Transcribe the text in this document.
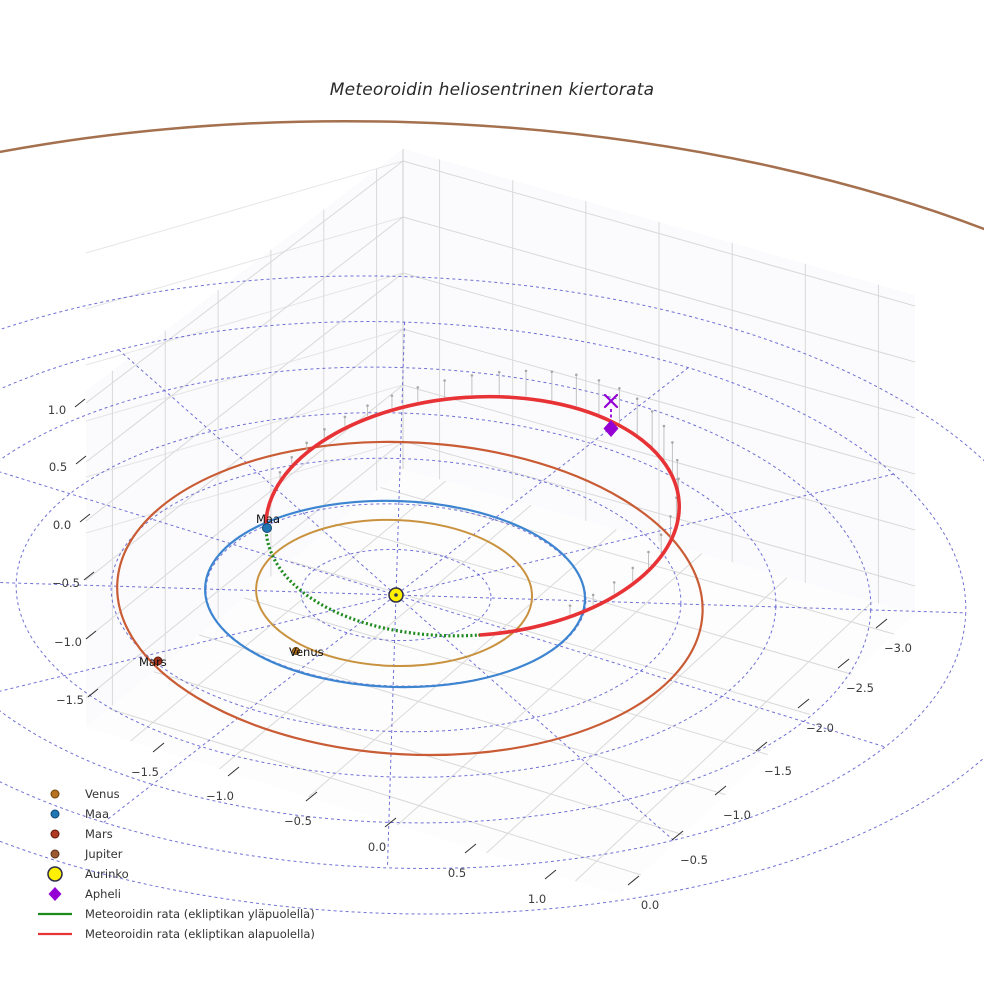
Meteoroidin heliosentrinen kiertorata
Maa
Venus
Mars
1.0
0.5
0.0
−0.5
−1.0
−1.5
−1.5
−1.0
−0.5
0.0
0.5
1.0	0.0
−0.5
−1.0
−1.5
−2.0
−2.5
−3.0
Venus
Maa
Mars
Jupiter
Aurinko
Apheli
Meteoroidin rata (ekliptikan yläpuolella)
Meteoroidin rata (ekliptikan alapuolella)
